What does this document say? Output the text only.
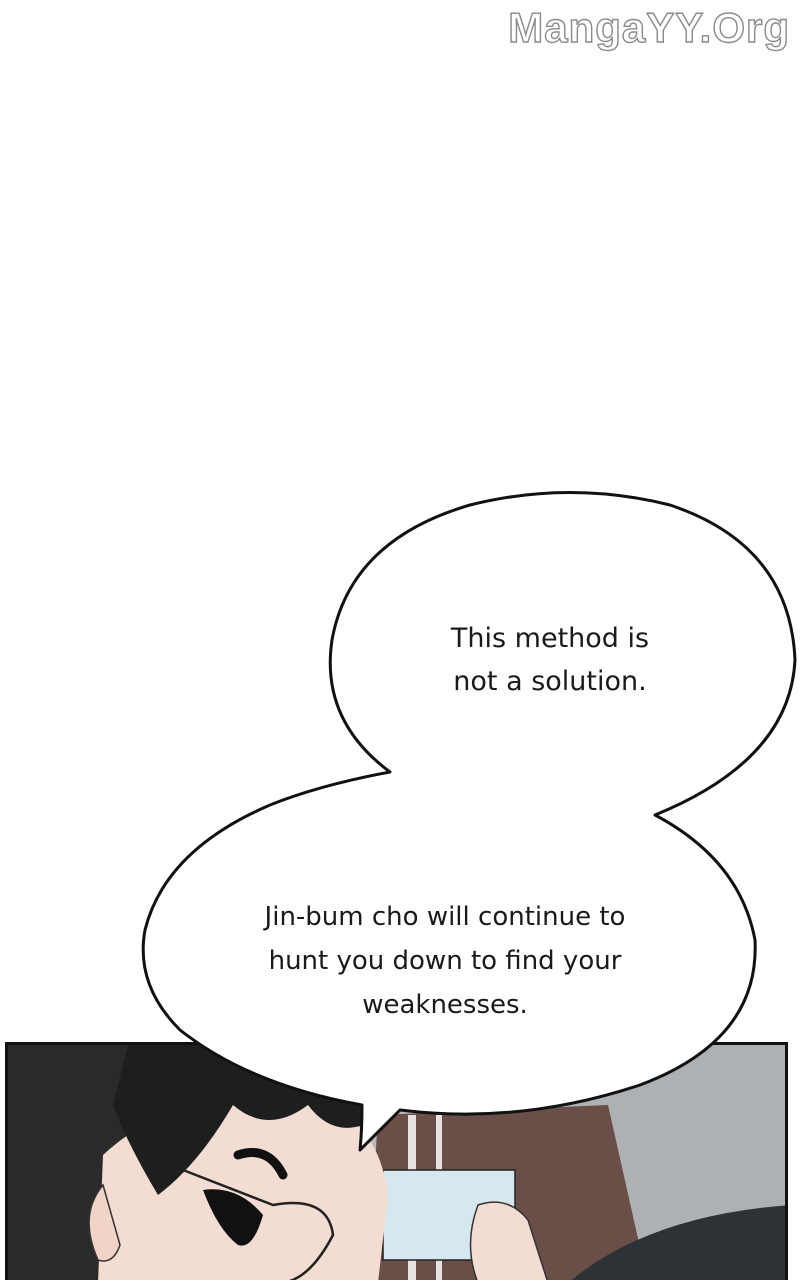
MangaYY.Org
This method is
not a solution.
Jin-bum cho will continue to
hunt you down to find your
weaknesses.
